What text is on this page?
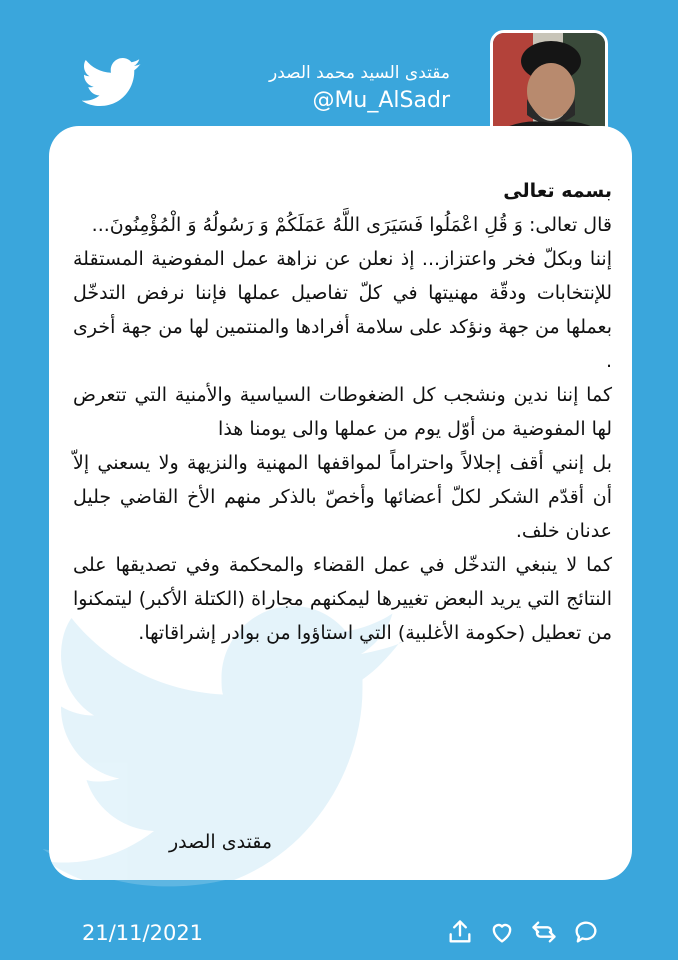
مقتدى السيد محمد الصدر
@Mu_AlSadr

بسمه تعالى

قال تعالى: وَ قُلِ اعْمَلُوا فَسَيَرَى اللَّهُ عَمَلَكُمْ وَ رَسُولُهُ وَ الْمُؤْمِنُونَ...

إننا وبكلّ فخر واعتزاز... إذ نعلن عن نزاهة عمل المفوضية المستقلة للإنتخابات ودقّة مهنيتها في كلّ تفاصيل عملها فإننا نرفض التدخّل بعملها من جهة ونؤكد على سلامة أفرادها والمنتمين لها من جهة أخرى .

كما إننا ندين ونشجب كل الضغوطات السياسية والأمنية التي تتعرض لها المفوضية من أوّل يوم من عملها والى يومنا هذا

بل إنني أقف إجلالاً واحتراماً لمواقفها المهنية والنزيهة ولا يسعني إلاّ أن أقدّم الشكر لكلّ أعضائها وأخصّ بالذكر منهم الأخ القاضي جليل عدنان خلف.

كما لا ينبغي التدخّل في عمل القضاء والمحكمة وفي تصديقها على النتائج التي يريد البعض تغييرها ليمكنهم مجاراة (الكتلة الأكبر) ليتمكنوا من تعطيل (حكومة الأغلبية) التي استاؤوا من بوادر إشراقاتها.

مقتدى الصدر
21/11/2021
